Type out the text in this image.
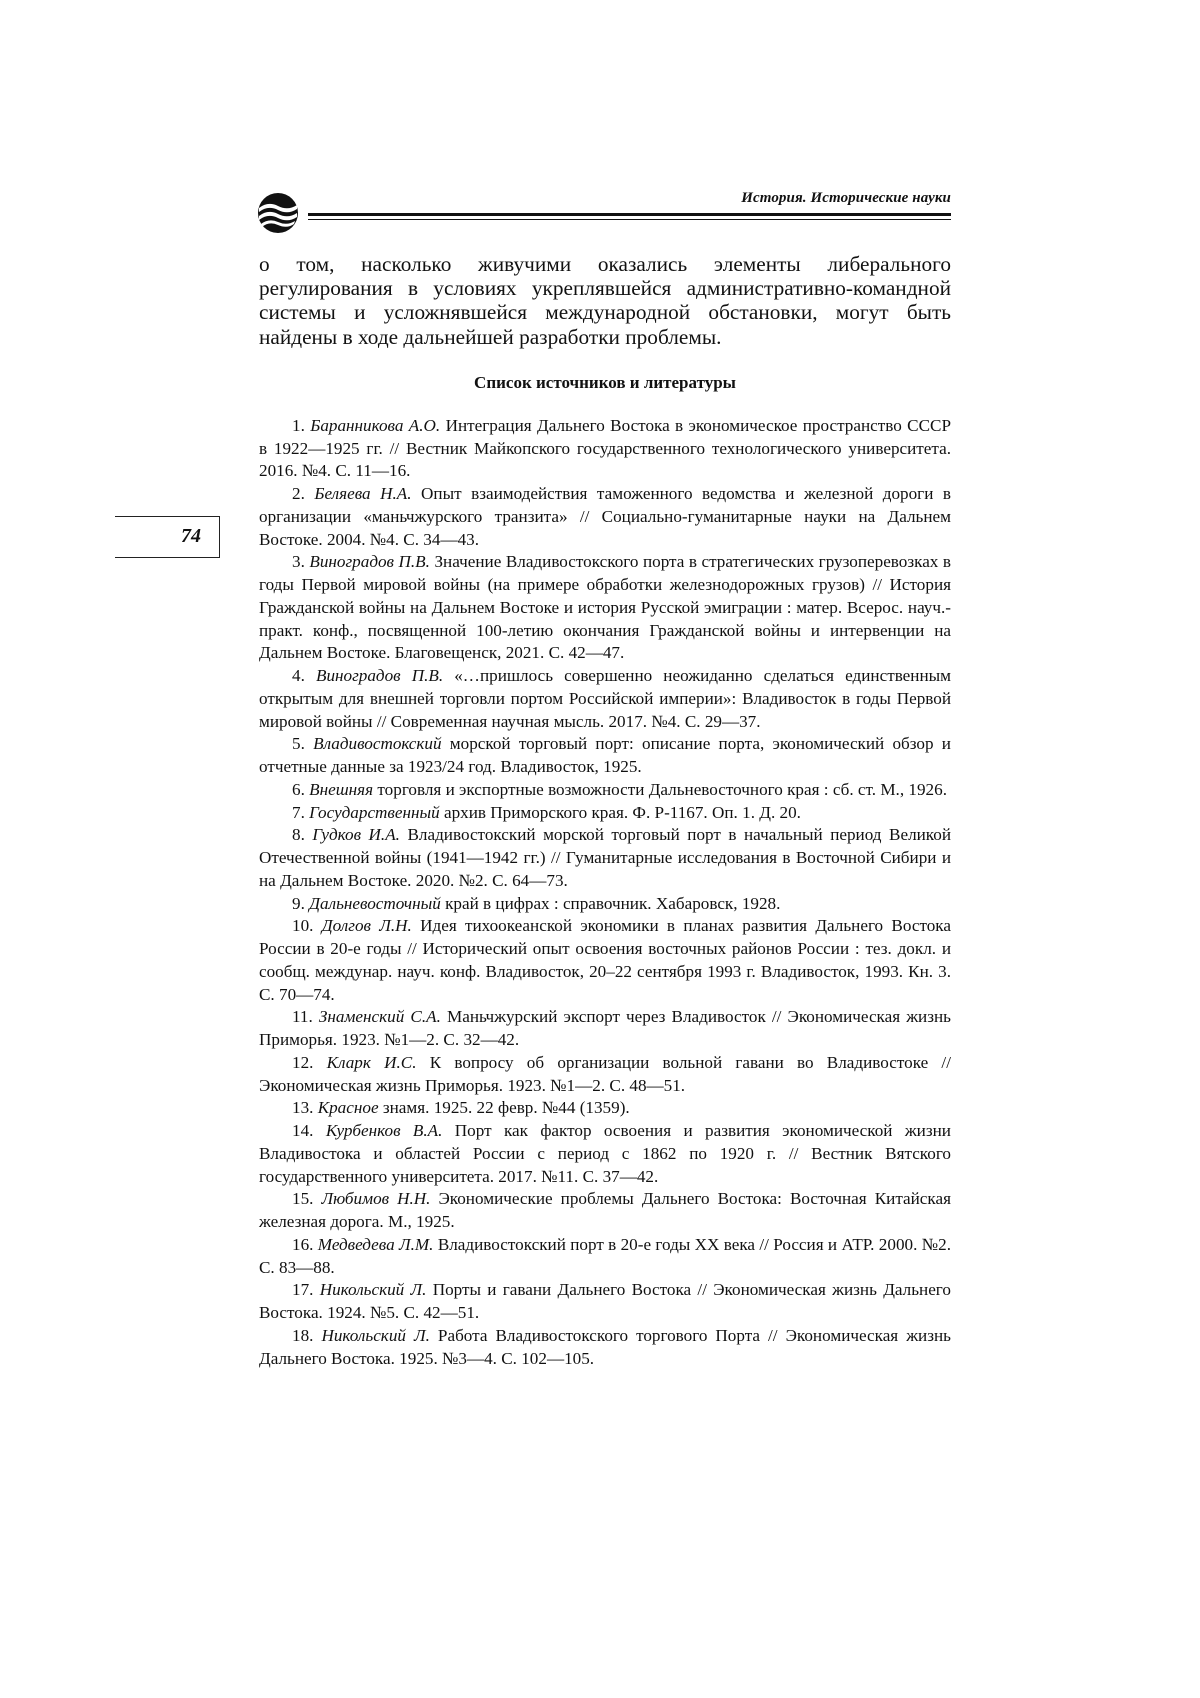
История. Исторические науки
74

о том, насколько живучими оказались элементы либерального регулирования в условиях укреплявшейся административно-командной системы и усложнявшейся международной обстановки, могут быть найдены в ходе дальнейшей разработки проблемы.

Список источников и литературы
1. Баранникова А.О. Интеграция Дальнего Востока в экономическое пространство СССР в 1922—1925 гг. // Вестник Майкопского государственного технологического университета. 2016. №4. С. 11—16.
2. Беляева Н.А. Опыт взаимодействия таможенного ведомства и железной дороги в организации «маньчжурского транзита» // Социально-гуманитарные науки на Дальнем Востоке. 2004. №4. С. 34—43.
3. Виноградов П.В. Значение Владивостокского порта в стратегических грузоперевозках в годы Первой мировой войны (на примере обработки железнодорожных грузов) // История Гражданской войны на Дальнем Востоке и история Русской эмиграции : матер. Всерос. науч.-практ. конф., посвященной 100-летию окончания Гражданской войны и интервенции на Дальнем Востоке. Благовещенск, 2021. С. 42—47.
4. Виноградов П.В. «…пришлось совершенно неожиданно сделаться единственным открытым для внешней торговли портом Российской империи»: Владивосток в годы Первой мировой войны // Современная научная мысль. 2017. №4. С. 29—37.
5. Владивостокский морской торговый порт: описание порта, экономический обзор и отчетные данные за 1923/24 год. Владивосток, 1925.
6. Внешняя торговля и экспортные возможности Дальневосточного края : сб. ст. М., 1926.
7. Государственный архив Приморского края. Ф. Р-1167. Оп. 1. Д. 20.
8. Гудков И.А. Владивостокский морской торговый порт в начальный период Великой Отечественной войны (1941—1942 гг.) // Гуманитарные исследования в Восточной Сибири и на Дальнем Востоке. 2020. №2. С. 64—73.
9. Дальневосточный край в цифрах : справочник. Хабаровск, 1928.
10. Долгов Л.Н. Идея тихоокеанской экономики в планах развития Дальнего Востока России в 20-е годы // Исторический опыт освоения восточных районов России : тез. докл. и сообщ. междунар. науч. конф. Владивосток, 20–22 сентября 1993 г. Владивосток, 1993. Кн. 3. С. 70—74.
11. Знаменский С.А. Маньчжурский экспорт через Владивосток // Экономическая жизнь Приморья. 1923. №1—2. С. 32—42.
12. Кларк И.С. К вопросу об организации вольной гавани во Владивостоке // Экономическая жизнь Приморья. 1923. №1—2. С. 48—51.
13. Красное знамя. 1925. 22 февр. №44 (1359).
14. Курбенков В.А. Порт как фактор освоения и развития экономической жизни Владивостока и областей России с период с 1862 по 1920 г. // Вестник Вятского государственного университета. 2017. №11. С. 37—42.
15. Любимов Н.Н. Экономические проблемы Дальнего Востока: Восточная Китайская железная дорога. М., 1925.
16. Медведева Л.М. Владивостокский порт в 20-е годы XX века // Россия и АТР. 2000. №2. С. 83—88.
17. Никольский Л. Порты и гавани Дальнего Востока // Экономическая жизнь Дальнего Востока. 1924. №5. С. 42—51.
18. Никольский Л. Работа Владивостокского торгового Порта // Экономическая жизнь Дальнего Востока. 1925. №3—4. С. 102—105.
